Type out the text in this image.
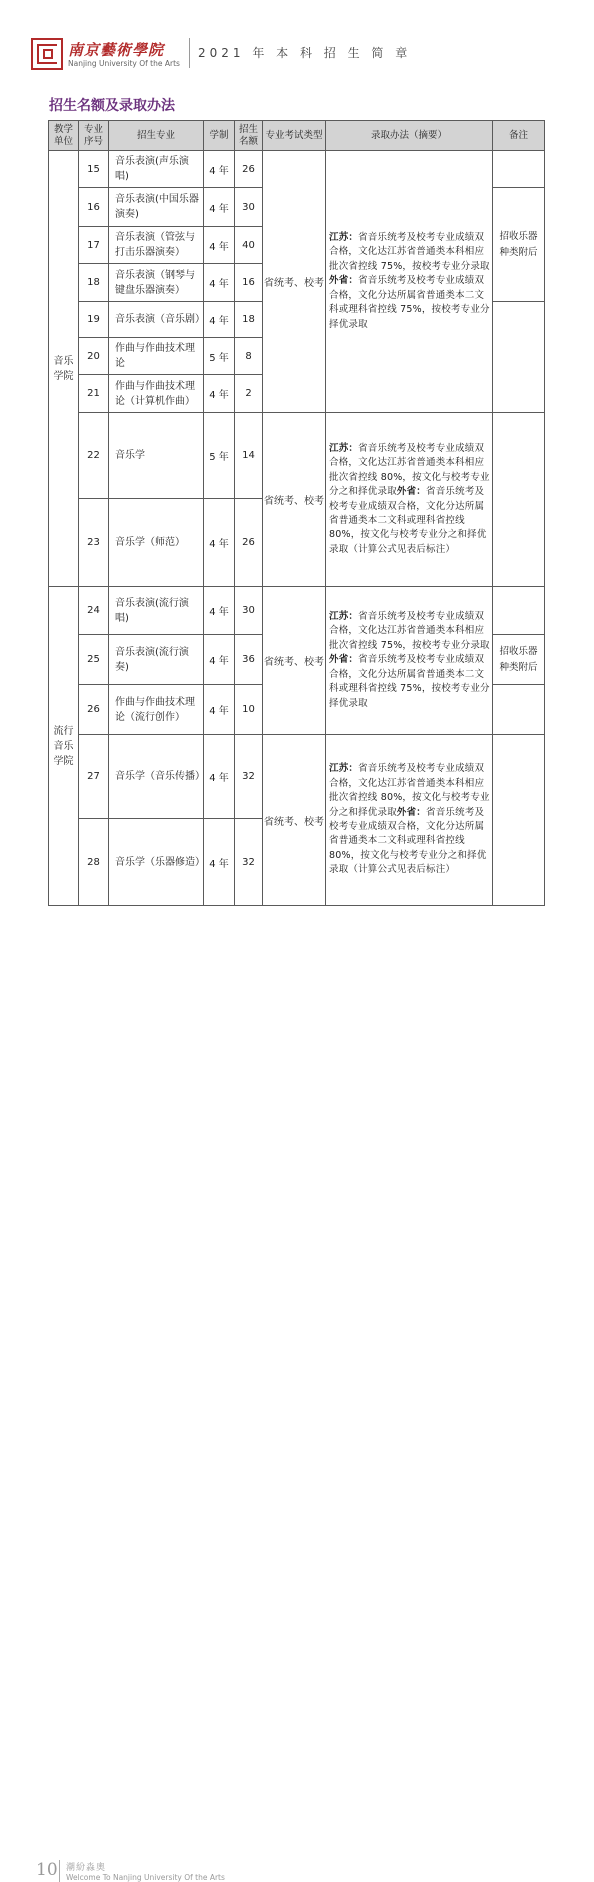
南京藝術學院
Nanjing University Of the Arts
2021 年 本 科 招 生 简 章
招生名额及录取办法
教学单位	专业序号	招生专业	学制	招生名额	专业考试类型	录取办法（摘要）	备注
音乐学院	15	音乐表演(声乐演唱)	4 年	26	省统考、校考	江苏：省音乐统考及校考专业成绩双合格，文化达江苏省普通类本科相应批次省控线 75%，按校考专业分录取外省：省音乐统考及校考专业成绩双合格，文化分达所属省普通类本二文科或理科省控线 75%，按校考专业分择优录取	
	16	音乐表演(中国乐器演奏)	4 年	30			招收乐器种类附后
	17	音乐表演（管弦与打击乐器演奏）	4 年	40			
	18	音乐表演（钢琴与键盘乐器演奏）	4 年	16			
	19	音乐表演（音乐剧）	4 年	18			
	20	作曲与作曲技术理论	5 年	8			
	21	作曲与作曲技术理论（计算机作曲）	4 年	2			
	22	音乐学	5 年	14	省统考、校考	江苏：省音乐统考及校考专业成绩双合格，文化达江苏省普通类本科相应批次省控线 80%，按文化与校考专业分之和择优录取外省：省音乐统考及校考专业成绩双合格，文化分达所属省普通类本二文科或理科省控线 80%，按文化与校考专业分之和择优录取（计算公式见表后标注）	
	23	音乐学（师范）	4 年	26			
流行音乐学院	24	音乐表演(流行演唱)	4 年	30	省统考、校考	江苏：省音乐统考及校考专业成绩双合格，文化达江苏省普通类本科相应批次省控线 75%，按校考专业分录取外省：省音乐统考及校考专业成绩双合格，文化分达所属省普通类本二文科或理科省控线 75%，按校考专业分择优录取	
	25	音乐表演(流行演奏)	4 年	36			招收乐器种类附后
	26	作曲与作曲技术理论（流行创作）	4 年	10			
	27	音乐学（音乐传播）	4 年	32	省统考、校考	江苏：省音乐统考及校考专业成绩双合格，文化达江苏省普通类本科相应批次省控线 80%，按文化与校考专业分之和择优录取外省：省音乐统考及校考专业成绩双合格，文化分达所属省普通类本二文科或理科省控线 80%，按文化与校考专业分之和择优录取（计算公式见表后标注）	
	28	音乐学（乐器修造）	4 年	32			
10 潮紛淼奧
Welcome To Nanjing University Of the Arts
